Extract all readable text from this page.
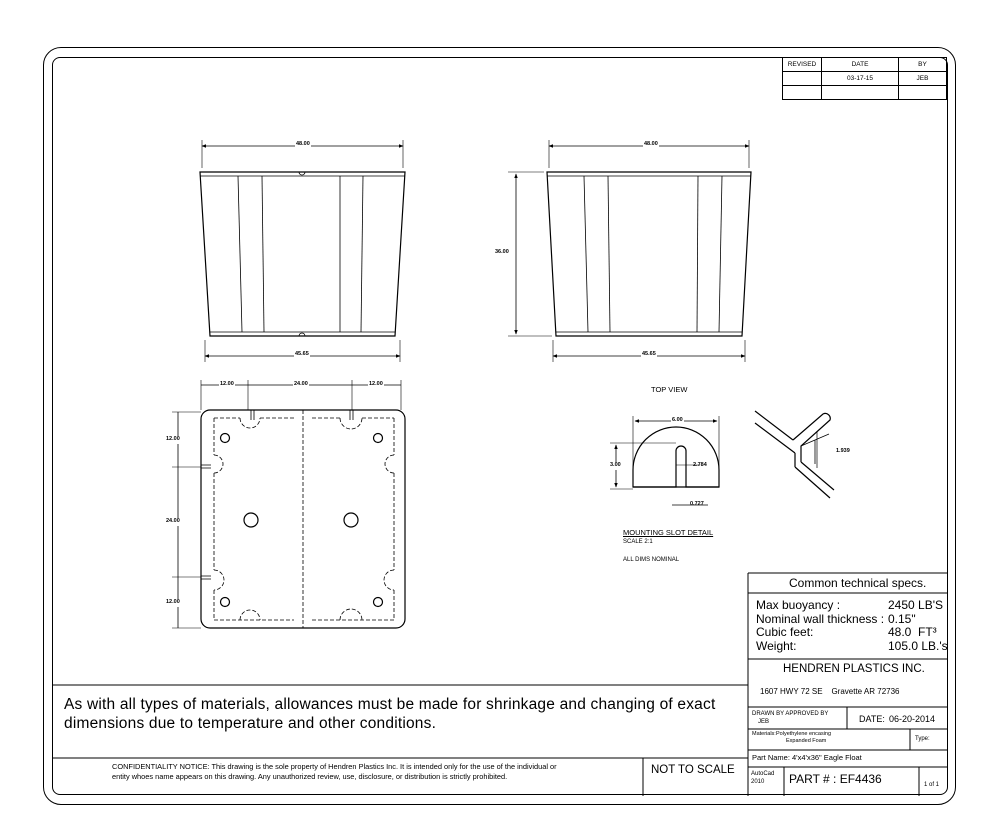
REVISED	DATE	BY
	03-17-15	JEB

48.00
45.65
48.00
36.00
45.65
12.00	24.00	12.00
12.00
24.00
12.00
TOP VIEW
6.00
3.00	2.784
0.727
1.939
MOUNTING SLOT DETAIL
SCALE 2:1
ALL DIMS NOMINAL
Common technical specs.
Max buoyancy :	2450 LB'S
Nominal wall thickness : 0.15"
Cubic feet:	48.0  FT³
Weight:	105.0 LB.'s
HENDREN PLASTICS INC.
1607 HWY 72 SE    Gravette AR 72736
DRAWN BY APPROVED BY
JEB	DATE: 06-20-2014
Materials: Polyethylene encasing
Expanded Foam	Type:
Part Name: 4'x4'x36" Eagle Float
AutoCad
2010 PART # : EF4436	1 of 1
As with all types of materials, allowances must be made for shrinkage and changing of exact
dimensions due to temperature and other conditions.
CONFIDENTIALITY NOTICE: This drawing is the sole property of Hendren Plastics Inc. It is intended only for the use of the individual or
entity whoes name appears on this drawing. Any unauthorized review, use, disclosure, or distribution is strictly prohibited.
NOT TO SCALE
